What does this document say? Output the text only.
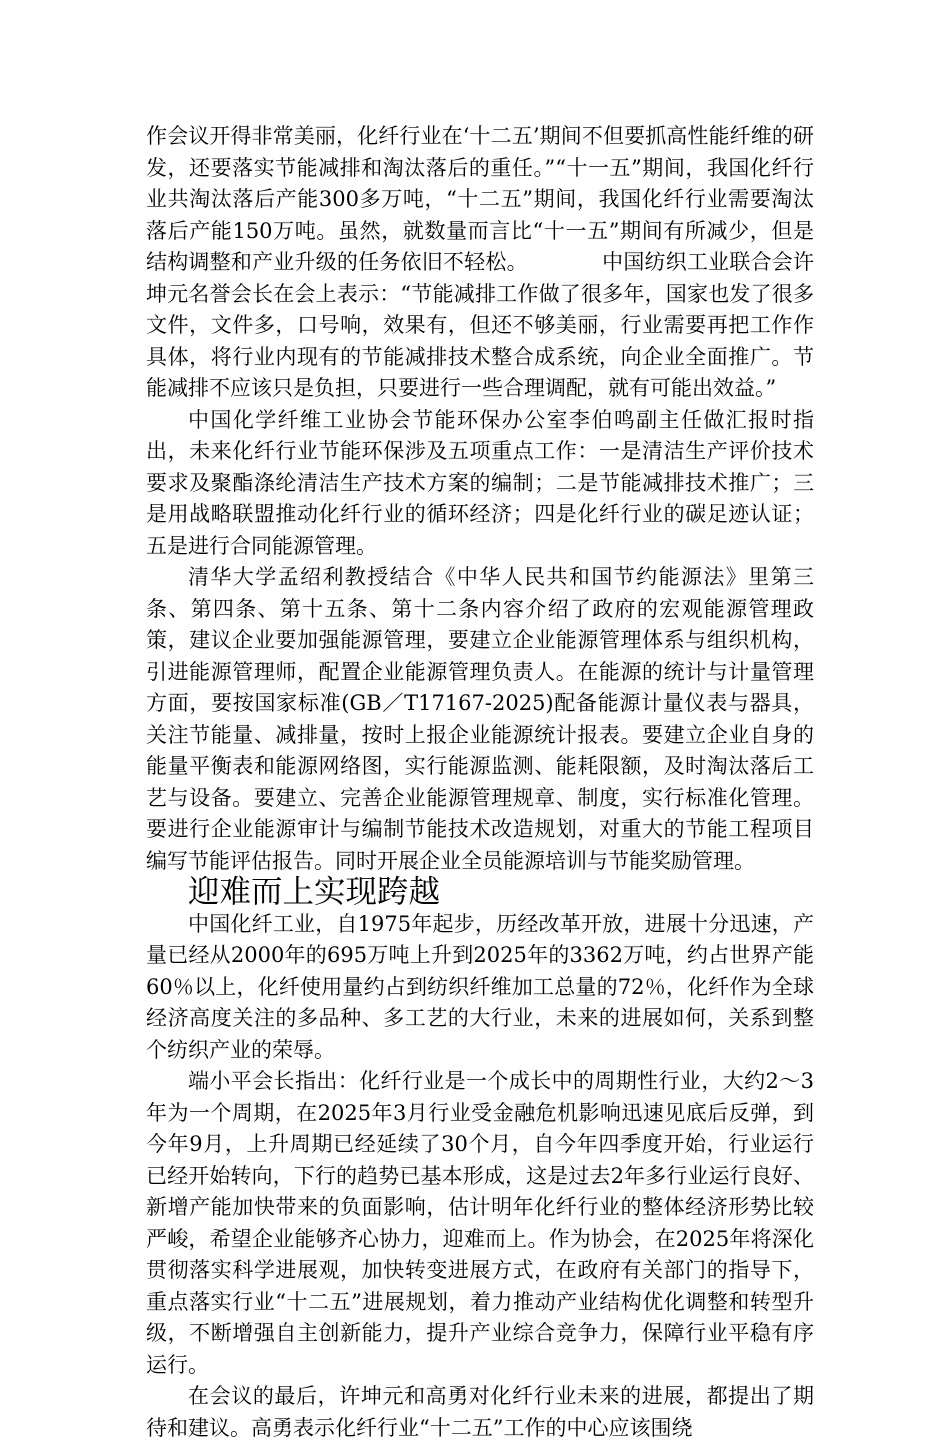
作会议开得非常美丽，化纤行业在‘十二五’期间不但要抓高性能纤维的研发，还要落实节能减排和淘汰落后的重任。”“十一五”期间，我国化纤行业共淘汰落后产能300多万吨，“十二五”期间，我国化纤行业需要淘汰落后产能150万吨。虽然，就数量而言比“十一五”期间有所减少，但是结构调整和产业升级的任务依旧不轻松。　　　　中国纺织工业联合会许坤元名誉会长在会上表示：“节能减排工作做了很多年，国家也发了很多文件，文件多，口号响，效果有，但还不够美丽，行业需要再把工作作具体，将行业内现有的节能减排技术整合成系统，向企业全面推广。节能减排不应该只是负担，只要进行一些合理调配，就有可能出效益。”

中国化学纤维工业协会节能环保办公室李伯鸣副主任做汇报时指出，未来化纤行业节能环保涉及五项重点工作：一是清洁生产评价技术要求及聚酯涤纶清洁生产技术方案的编制；二是节能减排技术推广；三是用战略联盟推动化纤行业的循环经济；四是化纤行业的碳足迹认证；五是进行合同能源管理。

清华大学孟绍利教授结合《中华人民共和国节约能源法》里第三条、第四条、第十五条、第十二条内容介绍了政府的宏观能源管理政策，建议企业要加强能源管理，要建立企业能源管理体系与组织机构，引进能源管理师，配置企业能源管理负责人。在能源的统计与计量管理方面，要按国家标准(GB／T17167-2025)配备能源计量仪表与器具，关注节能量、减排量，按时上报企业能源统计报表。要建立企业自身的能量平衡表和能源网络图，实行能源监测、能耗限额，及时淘汰落后工艺与设备。要建立、完善企业能源管理规章、制度，实行标准化管理。要进行企业能源审计与编制节能技术改造规划，对重大的节能工程项目编写节能评估报告。同时开展企业全员能源培训与节能奖励管理。

迎难而上实现跨越

中国化纤工业，自1975年起步，历经改革开放，进展十分迅速，产量已经从2000年的695万吨上升到2025年的3362万吨，约占世界产能60％以上，化纤使用量约占到纺织纤维加工总量的72％，化纤作为全球经济高度关注的多品种、多工艺的大行业，未来的进展如何，关系到整个纺织产业的荣辱。

端小平会长指出：化纤行业是一个成长中的周期性行业，大约2～3年为一个周期，在2025年3月行业受金融危机影响迅速见底后反弹，到今年9月，上升周期已经延续了30个月，自今年四季度开始，行业运行已经开始转向，下行的趋势已基本形成，这是过去2年多行业运行良好、新增产能加快带来的负面影响，估计明年化纤行业的整体经济形势比较严峻，希望企业能够齐心协力，迎难而上。作为协会，在2025年将深化贯彻落实科学进展观，加快转变进展方式，在政府有关部门的指导下，重点落实行业“十二五”进展规划，着力推动产业结构优化调整和转型升级，不断增强自主创新能力，提升产业综合竞争力，保障行业平稳有序运行。

在会议的最后，许坤元和高勇对化纤行业未来的进展，都提出了期待和建议。高勇表示化纤行业“十二五”工作的中心应该围绕
